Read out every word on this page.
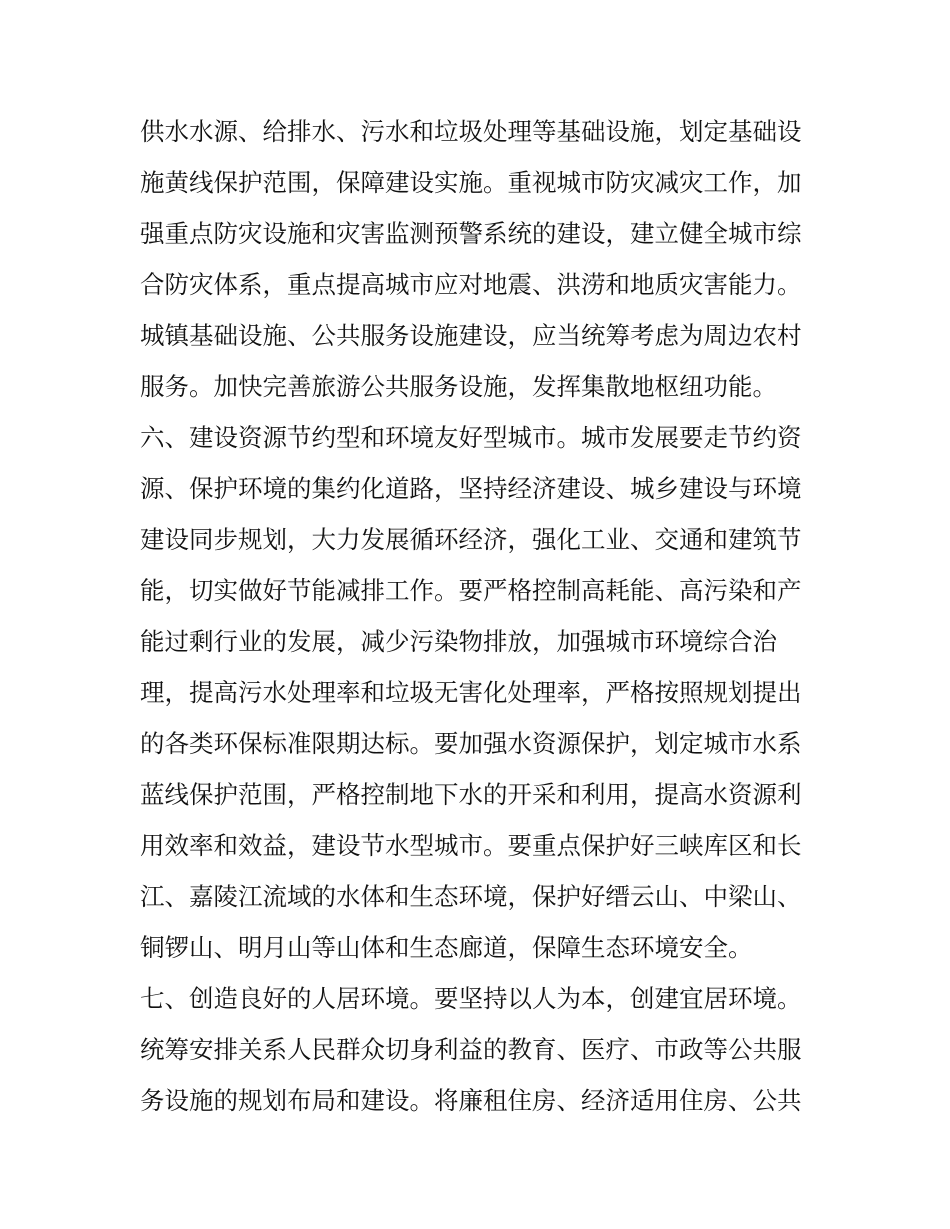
供水水源、给排水、污水和垃圾处理等基础设施，划定基础设
施黄线保护范围，保障建设实施。重视城市防灾减灾工作，加
强重点防灾设施和灾害监测预警系统的建设，建立健全城市综
合防灾体系，重点提高城市应对地震、洪涝和地质灾害能力。
城镇基础设施、公共服务设施建设，应当统筹考虑为周边农村
服务。加快完善旅游公共服务设施，发挥集散地枢纽功能。
六、建设资源节约型和环境友好型城市。城市发展要走节约资
源、保护环境的集约化道路，坚持经济建设、城乡建设与环境
建设同步规划，大力发展循环经济，强化工业、交通和建筑节
能，切实做好节能减排工作。要严格控制高耗能、高污染和产
能过剩行业的发展，减少污染物排放，加强城市环境综合治
理，提高污水处理率和垃圾无害化处理率，严格按照规划提出
的各类环保标准限期达标。要加强水资源保护，划定城市水系
蓝线保护范围，严格控制地下水的开采和利用，提高水资源利
用效率和效益，建设节水型城市。要重点保护好三峡库区和长
江、嘉陵江流域的水体和生态环境，保护好缙云山、中梁山、
铜锣山、明月山等山体和生态廊道，保障生态环境安全。
七、创造良好的人居环境。要坚持以人为本，创建宜居环境。
统筹安排关系人民群众切身利益的教育、医疗、市政等公共服
务设施的规划布局和建设。将廉租住房、经济适用住房、公共
